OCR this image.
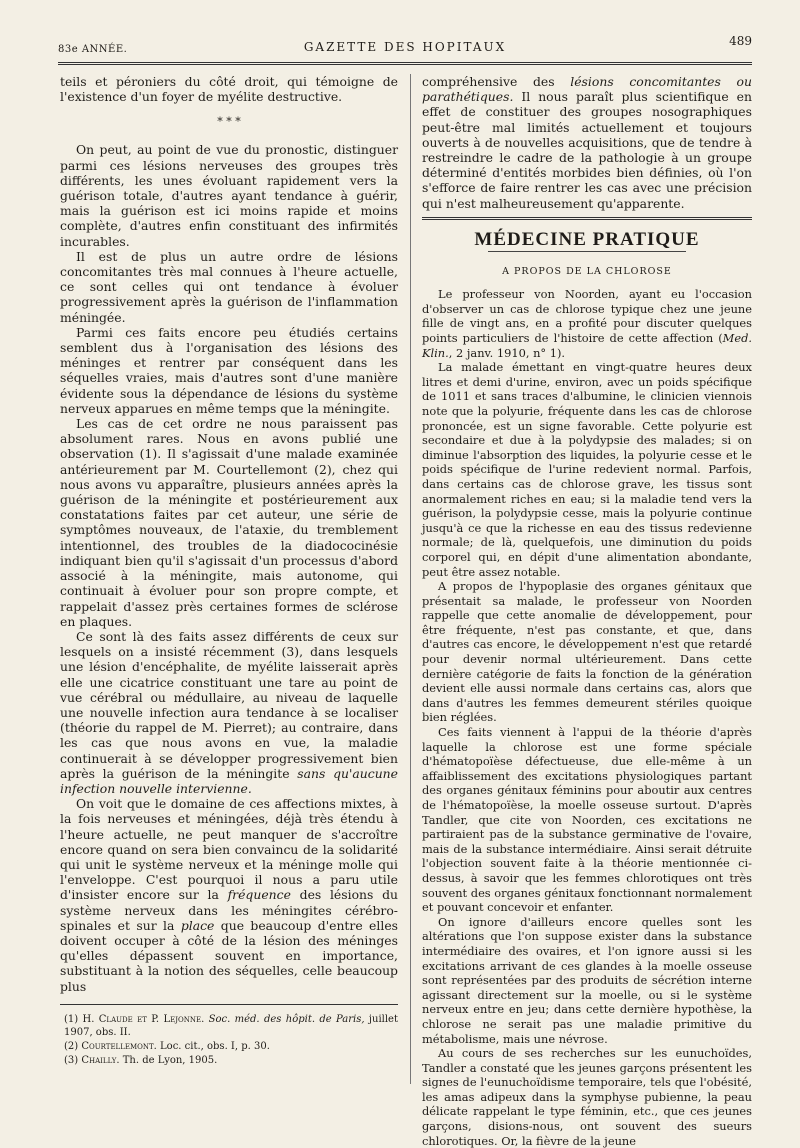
83e ANNÉE.	GAZETTE DES HOPITAUX	489

teils et péroniers du côté droit, qui témoigne de l'existence d'un foyer de myélite destructive.

* * *

On peut, au point de vue du pronostic, distinguer parmi ces lésions nerveuses des groupes très différents, les unes évoluant rapidement vers la guérison totale, d'autres ayant tendance à guérir, mais la guérison est ici moins rapide et moins complète, d'autres enfin constituant des infirmités incurables.

Il est de plus un autre ordre de lésions concomitantes très mal connues à l'heure actuelle, ce sont celles qui ont tendance à évoluer progressivement après la guérison de l'inflammation méningée.

Parmi ces faits encore peu étudiés certains semblent dus à l'organisation des lésions des méninges et rentrer par conséquent dans les séquelles vraies, mais d'autres sont d'une manière évidente sous la dépendance de lésions du système nerveux apparues en même temps que la méningite.

Les cas de cet ordre ne nous paraissent pas absolument rares. Nous en avons publié une observation (1). Il s'agissait d'une malade examinée antérieurement par M. Courtellemont (2), chez qui nous avons vu apparaître, plusieurs années après la guérison de la méningite et postérieurement aux constatations faites par cet auteur, une série de symptômes nouveaux, de l'ataxie, du tremblement intentionnel, des troubles de la diadococinésie indiquant bien qu'il s'agissait d'un processus d'abord associé à la méningite, mais autonome, qui continuait à évoluer pour son propre compte, et rappelait d'assez près certaines formes de sclérose en plaques.

Ce sont là des faits assez différents de ceux sur lesquels on a insisté récemment (3), dans lesquels une lésion d'encéphalite, de myélite laisserait après elle une cicatrice constituant une tare au point de vue cérébral ou médullaire, au niveau de laquelle une nouvelle infection aura tendance à se localiser (théorie du rappel de M. Pierret); au contraire, dans les cas que nous avons en vue, la maladie continuerait à se développer progressivement bien après la guérison de la méningite sans qu'aucune infection nouvelle intervienne.

On voit que le domaine de ces affections mixtes, à la fois nerveuses et méningées, déjà très étendu à l'heure actuelle, ne peut manquer de s'accroître encore quand on sera bien convaincu de la solidarité qui unit le système nerveux et la méninge molle qui l'enveloppe. C'est pourquoi il nous a paru utile d'insister encore sur la fréquence des lésions du système nerveux dans les méningites cérébro-spinales et sur la place que beaucoup d'entre elles doivent occuper à côté de la lésion des méninges qu'elles dépassent souvent en importance, substituant à la notion des séquelles, celle beaucoup plus

(1) H. Claude et P. Lejonne. Soc. méd. des hôpit. de Paris, juillet 1907, obs. II.

(2) Courtellemont. Loc. cit., obs. I, p. 30.

(3) Chailly. Th. de Lyon, 1905.

compréhensive des lésions concomitantes ou parathétiques. Il nous paraît plus scientifique en effet de constituer des groupes nosographiques peut-être mal limités actuellement et toujours ouverts à de nouvelles acquisitions, que de tendre à restreindre le cadre de la pathologie à un groupe déterminé d'entités morbides bien définies, où l'on s'efforce de faire rentrer les cas avec une précision qui n'est malheureusement qu'apparente.

MÉDECINE PRATIQUE
A PROPOS DE LA CHLOROSE

Le professeur von Noorden, ayant eu l'occasion d'observer un cas de chlorose typique chez une jeune fille de vingt ans, en a profité pour discuter quelques points particuliers de l'histoire de cette affection (Med. Klin., 2 janv. 1910, n° 1).

La malade émettant en vingt-quatre heures deux litres et demi d'urine, environ, avec un poids spécifique de 1011 et sans traces d'albumine, le clinicien viennois note que la polyurie, fréquente dans les cas de chlorose prononcée, est un signe favorable. Cette polyurie est secondaire et due à la polydypsie des malades; si on diminue l'absorption des liquides, la polyurie cesse et le poids spécifique de l'urine redevient normal. Parfois, dans certains cas de chlorose grave, les tissus sont anormalement riches en eau; si la maladie tend vers la guérison, la polydypsie cesse, mais la polyurie continue jusqu'à ce que la richesse en eau des tissus redevienne normale; de là, quelquefois, une diminution du poids corporel qui, en dépit d'une alimentation abondante, peut être assez notable.

A propos de l'hypoplasie des organes génitaux que présentait sa malade, le professeur von Noorden rappelle que cette anomalie de développement, pour être fréquente, n'est pas constante, et que, dans d'autres cas encore, le développement n'est que retardé pour devenir normal ultérieurement. Dans cette dernière catégorie de faits la fonction de la génération devient elle aussi normale dans certains cas, alors que dans d'autres les femmes demeurent stériles quoique bien réglées.

Ces faits viennent à l'appui de la théorie d'après laquelle la chlorose est une forme spéciale d'hématopoïèse défectueuse, due elle-même à un affaiblissement des excitations physiologiques partant des organes génitaux féminins pour aboutir aux centres de l'hématopoïèse, la moelle osseuse surtout. D'après Tandler, que cite von Noorden, ces excitations ne partiraient pas de la substance germinative de l'ovaire, mais de la substance intermédiaire. Ainsi serait détruite l'objection souvent faite à la théorie mentionnée ci-dessus, à savoir que les femmes chlorotiques ont très souvent des organes génitaux fonctionnant normalement et pouvant concevoir et enfanter.

On ignore d'ailleurs encore quelles sont les altérations que l'on suppose exister dans la substance intermédiaire des ovaires, et l'on ignore aussi si les excitations arrivant de ces glandes à la moelle osseuse sont représentées par des produits de sécrétion interne agissant directement sur la moelle, ou si le système nerveux entre en jeu; dans cette dernière hypothèse, la chlorose ne serait pas une maladie primitive du métabolisme, mais une névrose.

Au cours de ses recherches sur les eunuchoïdes, Tandler a constaté que les jeunes garçons présentent les signes de l'eunuchoïdisme temporaire, tels que l'obésité, les amas adipeux dans la symphyse pubienne, la peau délicate rappelant le type féminin, etc., que ces jeunes garçons, disions-nous, ont souvent des sueurs chlorotiques. Or, la fièvre de la jeune
